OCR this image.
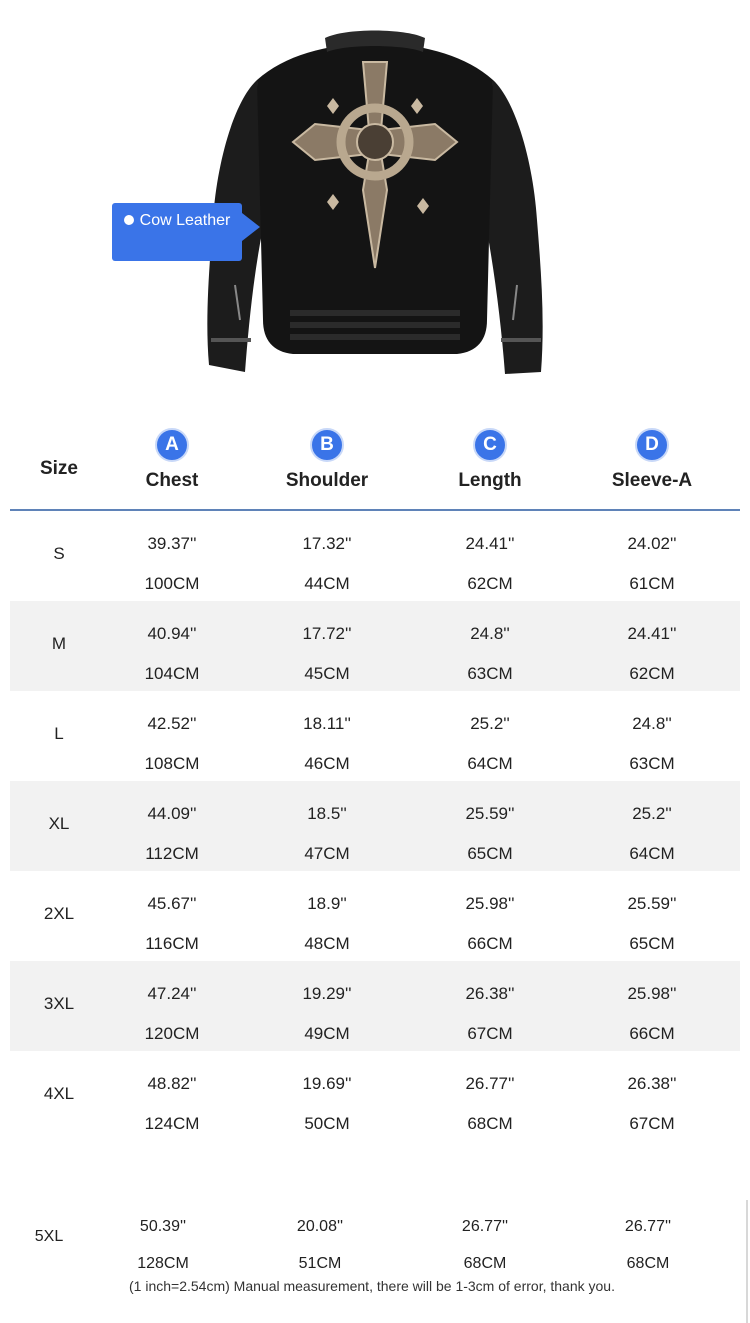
Cow Leather
Size
A
Chest
B
Shoulder
C
Length
D
Sleeve-A
S
39.37''
100CM
17.32''
44CM
24.41''
62CM
24.02''
61CM
M
40.94''
104CM
17.72''
45CM
24.8''
63CM
24.41''
62CM
L
42.52''
108CM
18.11''
46CM
25.2''
64CM
24.8''
63CM
XL
44.09''
112CM
18.5''
47CM
25.59''
65CM
25.2''
64CM
2XL
45.67''
116CM
18.9''
48CM
25.98''
66CM
25.59''
65CM
3XL
47.24''
120CM
19.29''
49CM
26.38''
67CM
25.98''
66CM
4XL
48.82''
124CM
19.69''
50CM
26.77''
68CM
26.38''
67CM
5XL
50.39''
128CM
20.08''
51CM
26.77''
68CM
26.77''
68CM
(1 inch=2.54cm) Manual measurement, there will be 1-3cm of error, thank you.
